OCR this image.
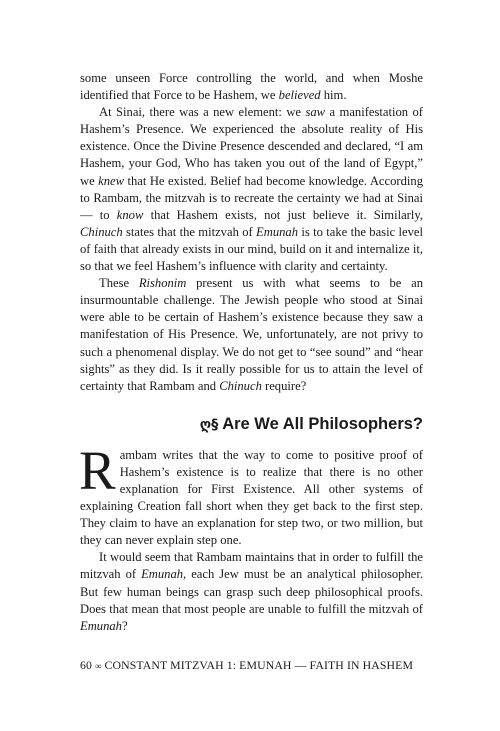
some unseen Force controlling the world, and when Moshe identified that Force to be Hashem, we believed him.

At Sinai, there was a new element: we saw a manifestation of Hashem’s Presence. We experienced the absolute reality of His existence. Once the Divine Presence descended and declared, “I am Hashem, your God, Who has taken you out of the land of Egypt,” we knew that He existed. Belief had become knowledge. According to Rambam, the mitzvah is to recreate the certainty we had at Sinai — to know that Hashem exists, not just believe it. Similarly, Chinuch states that the mitzvah of Emunah is to take the basic level of faith that already exists in our mind, build on it and internalize it, so that we feel Hashem’s influence with clarity and certainty.

These Rishonim present us with what seems to be an insurmountable challenge. The Jewish people who stood at Sinai were able to be certain of Hashem’s existence because they saw a manifestation of His Presence. We, unfortunately, are not privy to such a phenomenal display. We do not get to “see sound” and “hear sights” as they did. Is it really possible for us to attain the level of certainty that Rambam and Chinuch require?

ღ§ Are We All Philosophers?

Rambam writes that the way to come to positive proof of Hashem’s existence is to realize that there is no other explanation for First Existence. All other systems of explaining Creation fall short when they get back to the first step. They claim to have an explanation for step two, or two million, but they can never explain step one.

It would seem that Rambam maintains that in order to fulfill the mitzvah of Emunah, each Jew must be an analytical philosopher. But few human beings can grasp such deep philosophical proofs. Does that mean that most people are unable to fulfill the mitzvah of Emunah?

60 ∞ CONSTANT MITZVAH 1: EMUNAH — FAITH IN HASHEM
